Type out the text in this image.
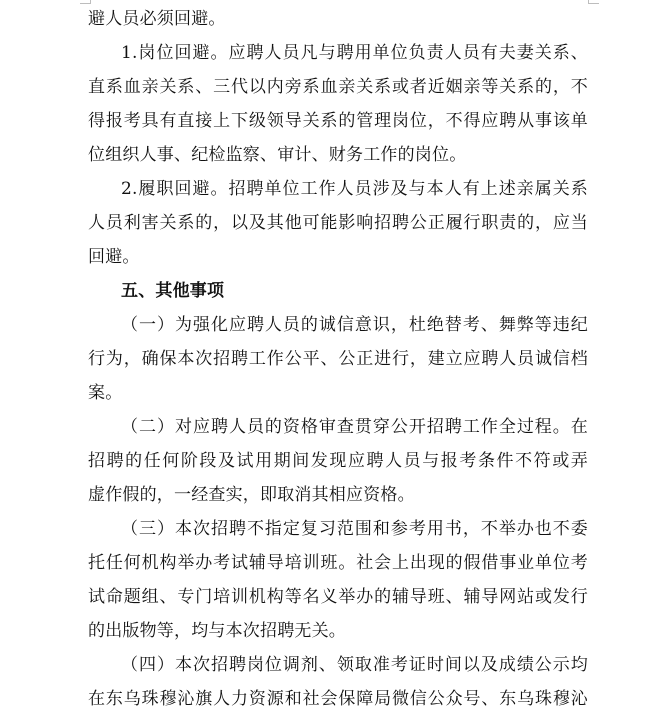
避人员必须回避。
1.岗位回避。应聘人员凡与聘用单位负责人员有夫妻关系、
直系血亲关系、三代以内旁系血亲关系或者近姻亲等关系的，不
得报考具有直接上下级领导关系的管理岗位，不得应聘从事该单
位组织人事、纪检监察、审计、财务工作的岗位。
2.履职回避。招聘单位工作人员涉及与本人有上述亲属关系
人员利害关系的，以及其他可能影响招聘公正履行职责的，应当
回避。
五、其他事项
（一）为强化应聘人员的诚信意识，杜绝替考、舞弊等违纪
行为，确保本次招聘工作公平、公正进行，建立应聘人员诚信档
案。
（二）对应聘人员的资格审查贯穿公开招聘工作全过程。在
招聘的任何阶段及试用期间发现应聘人员与报考条件不符或弄
虚作假的，一经查实，即取消其相应资格。
（三）本次招聘不指定复习范围和参考用书，不举办也不委
托任何机构举办考试辅导培训班。社会上出现的假借事业单位考
试命题组、专门培训机构等名义举办的辅导班、辅导网站或发行
的出版物等，均与本次招聘无关。
（四）本次招聘岗位调剂、领取准考证时间以及成绩公示均
在东乌珠穆沁旗人力资源和社会保障局微信公众号、东乌珠穆沁
